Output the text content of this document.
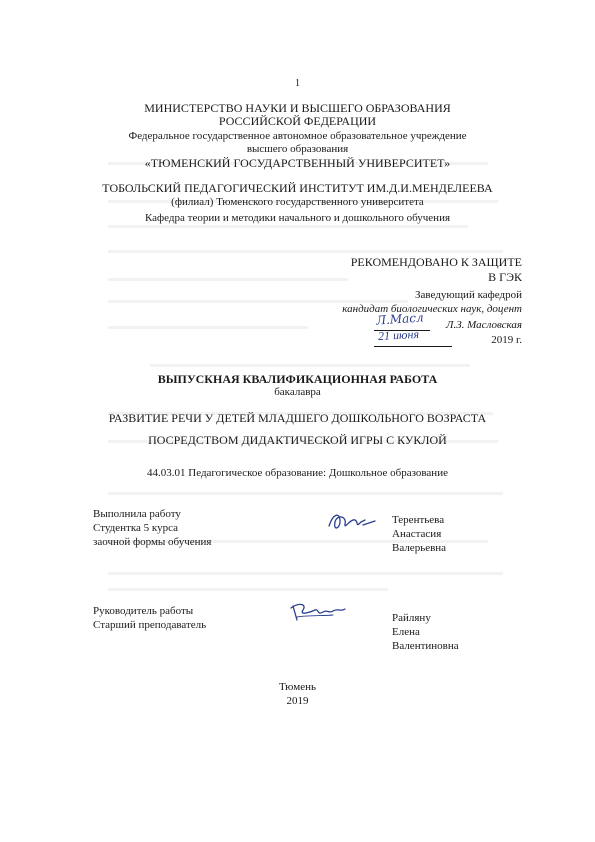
1
МИНИСТЕРСТВО НАУКИ И ВЫСШЕГО ОБРАЗОВАНИЯ
РОССИЙСКОЙ ФЕДЕРАЦИИ
Федеральное государственное автономное образовательное учреждение
высшего образования
«ТЮМЕНСКИЙ ГОСУДАРСТВЕННЫЙ УНИВЕРСИТЕТ»
ТОБОЛЬСКИЙ ПЕДАГОГИЧЕСКИЙ ИНСТИТУТ ИМ.Д.И.МЕНДЕЛЕЕВА
(филиал) Тюменского государственного университета
Кафедра теории и методики начального и дошкольного обучения
РЕКОМЕНДОВАНО К ЗАЩИТЕ
В ГЭК
Заведующий кафедрой
кандидат биологических наук, доцент
Л.Масл Л.З. Масловская
21 июня	2019 г.
ВЫПУСКНАЯ КВАЛИФИКАЦИОННАЯ РАБОТА
бакалавра
РАЗВИТИЕ РЕЧИ У ДЕТЕЙ МЛАДШЕГО ДОШКОЛЬНОГО ВОЗРАСТА
ПОСРЕДСТВОМ ДИДАКТИЧЕСКОЙ ИГРЫ С КУКЛОЙ
44.03.01 Педагогическое образование: Дошкольное образование
Выполнила работу
Студентка 5 курса
заочной формы обучения
Терентьева
Анастасия
Валерьевна
Руководитель работы
Старший преподаватель
Райляну
Елена
Валентиновна
Тюмень
2019
